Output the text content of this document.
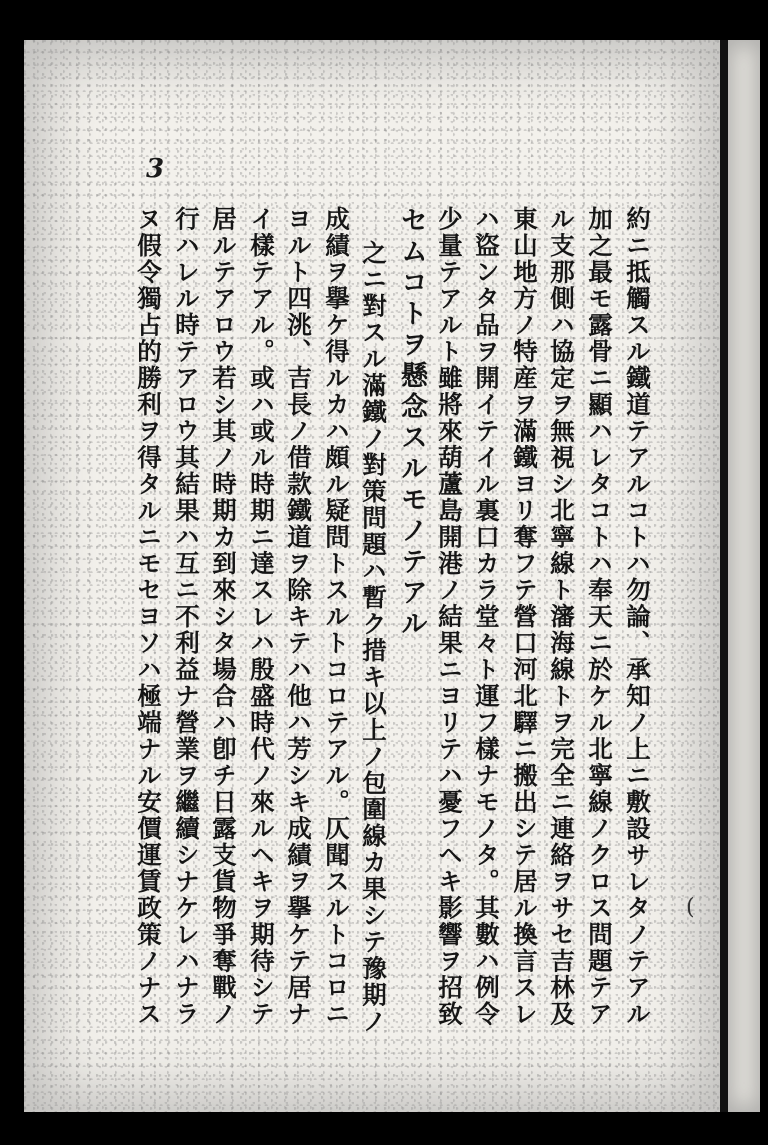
3
約ニ抵觸スル鐵道テアルコトハ勿論、承知ノ上ニ敷設サレタノテアル
加之最モ露骨ニ顯ハレタコトハ奉天ニ於ケル北寧線ノクロス問題テア
ル支那側ハ協定ヲ無視シ北寧線ト瀋海線トヲ完全ニ連絡ヲサセ吉林及
東山地方ノ特産ヲ滿鐵ヨリ奪フテ營口河北驛ニ搬出シテ居ル換言スレ
ハ盜ンタ品ヲ開イテイル裏口カラ堂々ト運フ樣ナモノタ。其數ハ例令
少量テアルト雖將來葫蘆島開港ノ結果ニヨリテハ憂フヘキ影響ヲ招致
セムコトヲ懸念スルモノテアル
之ニ對スル滿鐵ノ對策問題ハ暫ク措キ以上ノ包圍線カ果シテ豫期ノ
成績ヲ擧ケ得ルカハ頗ル疑問トスルトコロテアル。仄聞スルトコロニ
ヨルト四洮、吉長ノ借款鐵道ヲ除キテハ他ハ芳シキ成績ヲ擧ケテ居ナ
イ樣テアル。或ハ或ル時期ニ達スレハ殷盛時代ノ來ルヘキヲ期待シテ
居ルテアロウ若シ其ノ時期カ到來シタ場合ハ卽チ日露支貨物爭奪戰ノ
行ハレル時テアロウ其結果ハ互ニ不利益ナ營業ヲ繼續シナケレハナラ
ヌ假令獨占的勝利ヲ得タルニモセヨソハ極端ナル安價運賃政策ノナス	(
